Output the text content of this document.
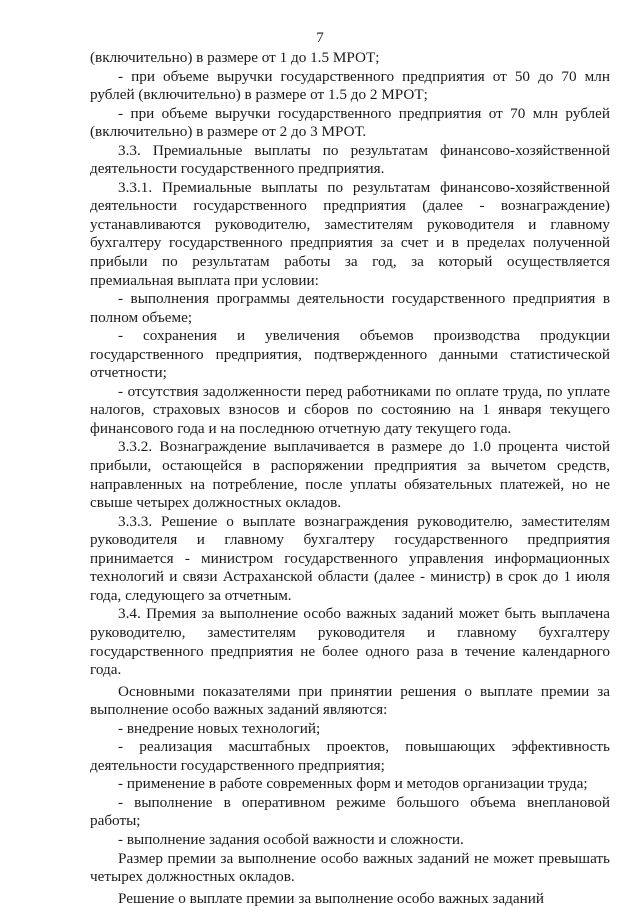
7

(включительно) в размере от 1 до 1.5 МРОТ;

- при объеме выручки государственного предприятия от 50 до 70 млн рублей (включительно) в размере от 1.5 до 2 МРОТ;

- при объеме выручки государственного предприятия от 70 млн рублей (включительно) в размере от 2 до 3 МРОТ.

3.3. Премиальные выплаты по результатам финансово-хозяйственной деятельности государственного предприятия.

3.3.1. Премиальные выплаты по результатам финансово-хозяйственной деятельности государственного предприятия (далее - вознаграждение) устанавливаются руководителю, заместителям руководителя и главному бухгалтеру государственного предприятия за счет и в пределах полученной прибыли по результатам работы за год, за который осуществляется премиальная выплата при условии:

- выполнения программы деятельности государственного предприятия в полном объеме;

- сохранения и увеличения объемов производства продукции государственного предприятия, подтвержденного данными статистической отчетности;

- отсутствия задолженности перед работниками по оплате труда, по уплате налогов, страховых взносов и сборов по состоянию на 1 января текущего финансового года и на последнюю отчетную дату текущего года.

3.3.2. Вознаграждение выплачивается в размере до 1.0 процента чистой прибыли, остающейся в распоряжении предприятия за вычетом средств, направленных на потребление, после уплаты обязательных платежей, но не свыше четырех должностных окладов.

3.3.3. Решение о выплате вознаграждения руководителю, заместителям руководителя и главному бухгалтеру государственного предприятия принимается - министром государственного управления информационных технологий и связи Астраханской области (далее - министр) в срок до 1 июля года, следующего за отчетным.

3.4. Премия за выполнение особо важных заданий может быть выплачена руководителю, заместителям руководителя и главному бухгалтеру государственного предприятия не более одного раза в течение календарного года.

Основными показателями при принятии решения о выплате премии за выполнение особо важных заданий являются:

- внедрение новых технологий;

- реализация масштабных проектов, повышающих эффективность деятельности государственного предприятия;

- применение в работе современных форм и методов организации труда;

- выполнение в оперативном режиме большого объема внеплановой работы;

- выполнение задания особой важности и сложности.

Размер премии за выполнение особо важных заданий не может превышать четырех должностных окладов.

Решение о выплате премии за выполнение особо важных заданий
